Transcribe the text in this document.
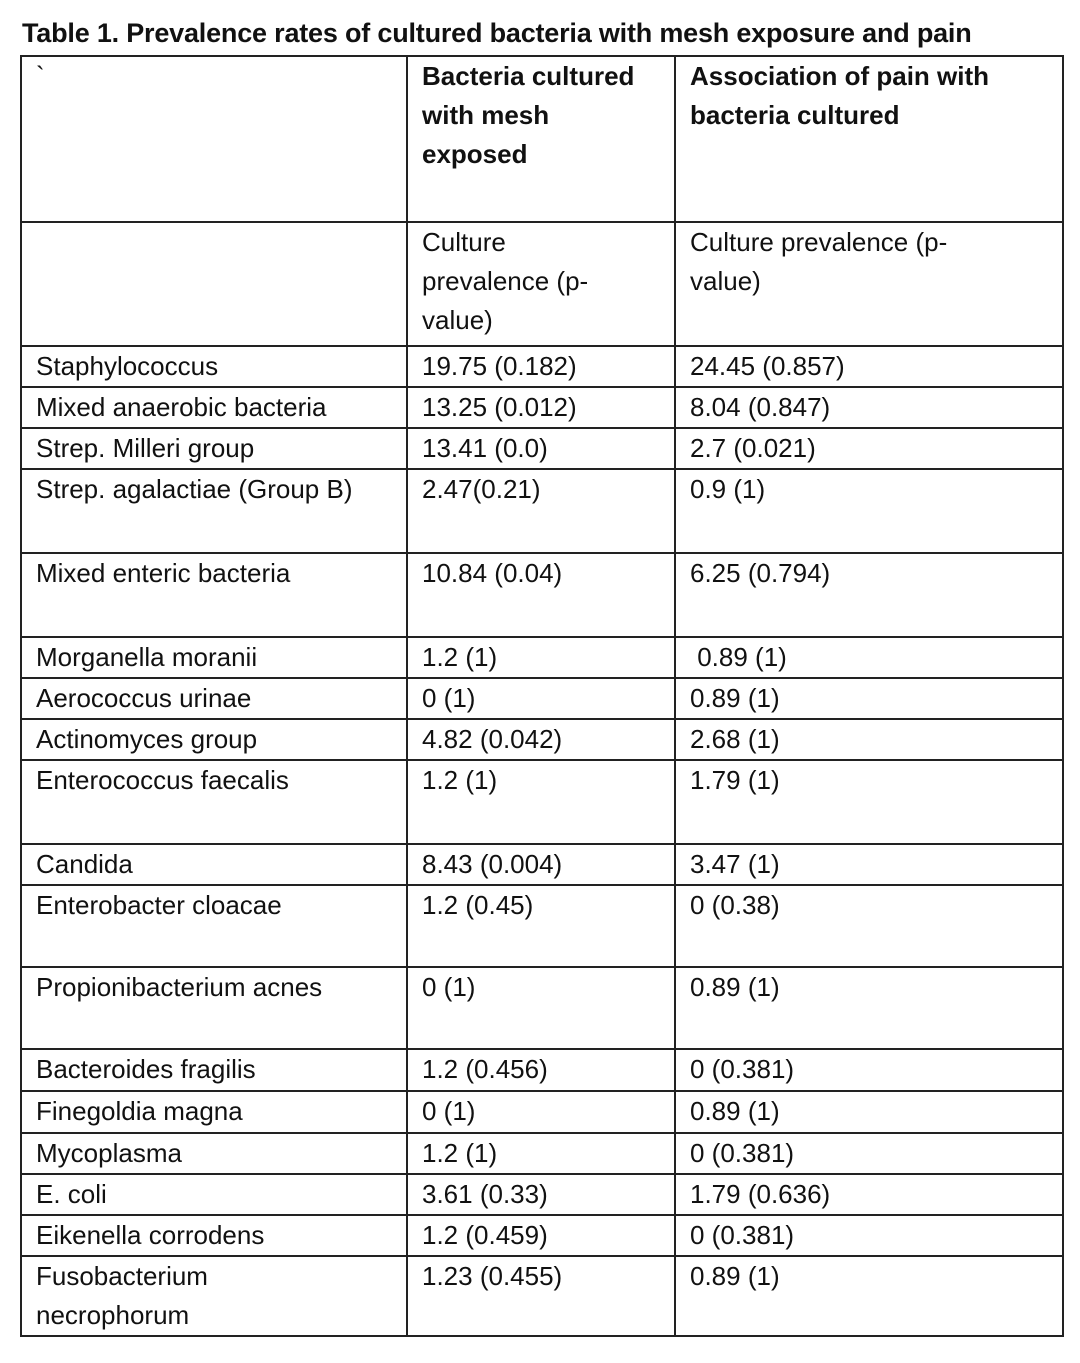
Table 1. Prevalence rates of cultured bacteria with mesh exposure and pain
`	Bacteria cultured
with mesh
exposed	Association of pain with
bacteria cultured

	Culture
prevalence (p-
value)	Culture prevalence (p-
value)

Staphylococcus	19.75 (0.182)	24.45 (0.857)
Mixed anaerobic bacteria	13.25 (0.012)	8.04 (0.847)
Strep. Milleri group	13.41 (0.0)	2.7 (0.021)
Strep. agalactiae (Group B)	2.47(0.21)	0.9 (1)
Mixed enteric bacteria	10.84 (0.04)	6.25 (0.794)
Morganella moranii	1.2 (1)	0.89 (1)
Aerococcus urinae	0 (1)	0.89 (1)
Actinomyces group	4.82 (0.042)	2.68 (1)
Enterococcus faecalis	1.2 (1)	1.79 (1)
Candida	8.43 (0.004)	3.47 (1)
Enterobacter cloacae	1.2 (0.45)	0 (0.38)
Propionibacterium acnes	0 (1)	0.89 (1)
Bacteroides fragilis	1.2 (0.456)	0 (0.381)
Finegoldia magna	0 (1)	0.89 (1)
Mycoplasma	1.2 (1)	0 (0.381)
E. coli	3.61 (0.33)	1.79 (0.636)
Eikenella corrodens	1.2 (0.459)	0 (0.381)

Fusobacterium
necrophorum	1.23 (0.455)	0.89 (1)
